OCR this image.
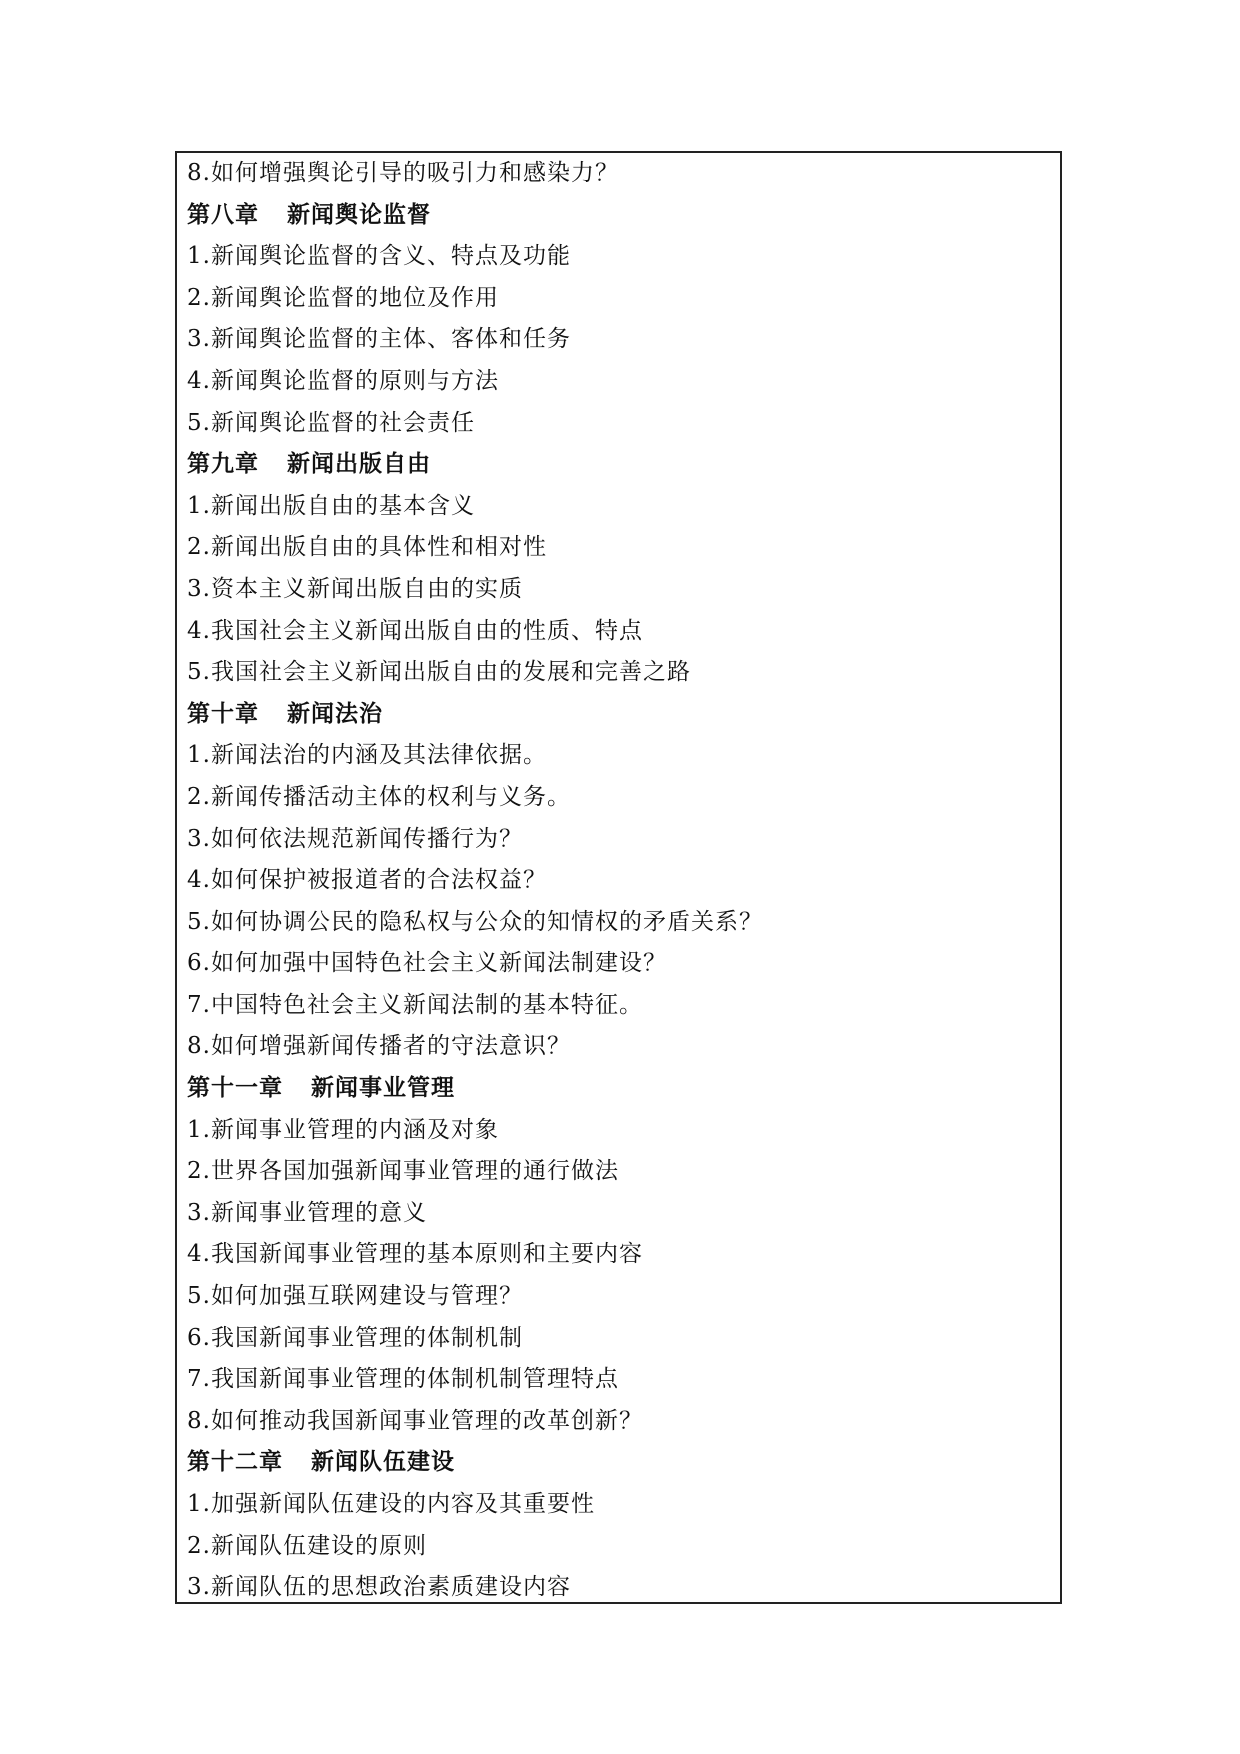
8.如何增强舆论引导的吸引力和感染力？
第八章 新闻舆论监督
1.新闻舆论监督的含义、特点及功能
2.新闻舆论监督的地位及作用
3.新闻舆论监督的主体、客体和任务
4.新闻舆论监督的原则与方法
5.新闻舆论监督的社会责任
第九章 新闻出版自由
1.新闻出版自由的基本含义
2.新闻出版自由的具体性和相对性
3.资本主义新闻出版自由的实质
4.我国社会主义新闻出版自由的性质、特点
5.我国社会主义新闻出版自由的发展和完善之路
第十章 新闻法治
1.新闻法治的内涵及其法律依据。
2.新闻传播活动主体的权利与义务。
3.如何依法规范新闻传播行为？
4.如何保护被报道者的合法权益？
5.如何协调公民的隐私权与公众的知情权的矛盾关系？
6.如何加强中国特色社会主义新闻法制建设？
7.中国特色社会主义新闻法制的基本特征。
8.如何增强新闻传播者的守法意识？
第十一章 新闻事业管理
1.新闻事业管理的内涵及对象
2.世界各国加强新闻事业管理的通行做法
3.新闻事业管理的意义
4.我国新闻事业管理的基本原则和主要内容
5.如何加强互联网建设与管理？
6.我国新闻事业管理的体制机制
7.我国新闻事业管理的体制机制管理特点
8.如何推动我国新闻事业管理的改革创新？
第十二章 新闻队伍建设
1.加强新闻队伍建设的内容及其重要性
2.新闻队伍建设的原则
3.新闻队伍的思想政治素质建设内容
